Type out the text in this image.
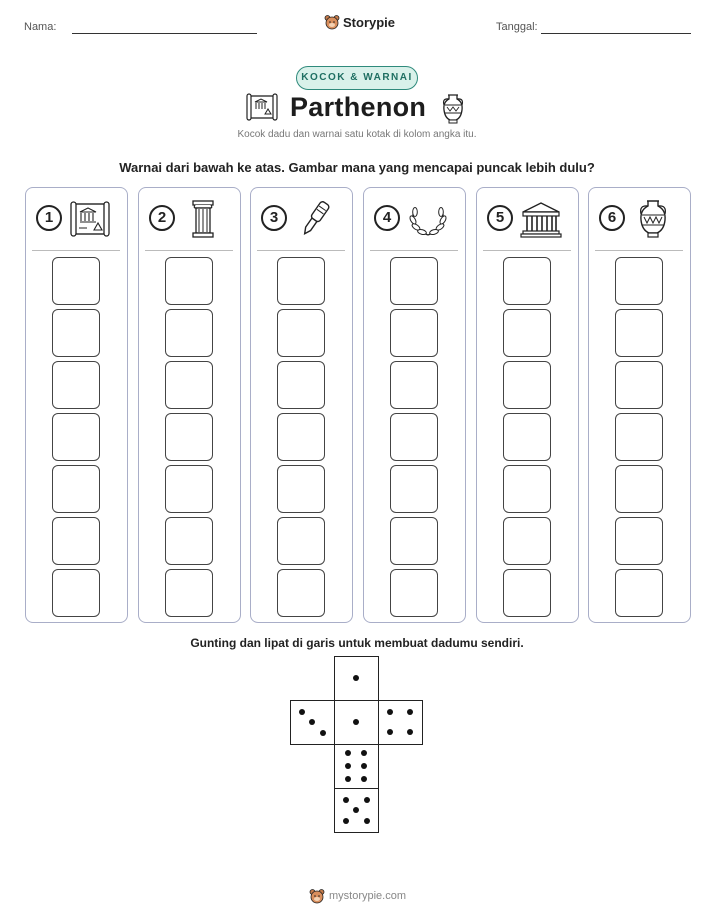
Nama:	Storypie	Tanggal:
KOCOK & WARNAI
Parthenon
Kocok dadu dan warnai satu kotak di kolom angka itu.
Warnai dari bawah ke atas. Gambar mana yang mencapai puncak lebih dulu?
1	2	3	4	5	6
Gunting dan lipat di garis untuk membuat dadumu sendiri.
mystorypie.com
